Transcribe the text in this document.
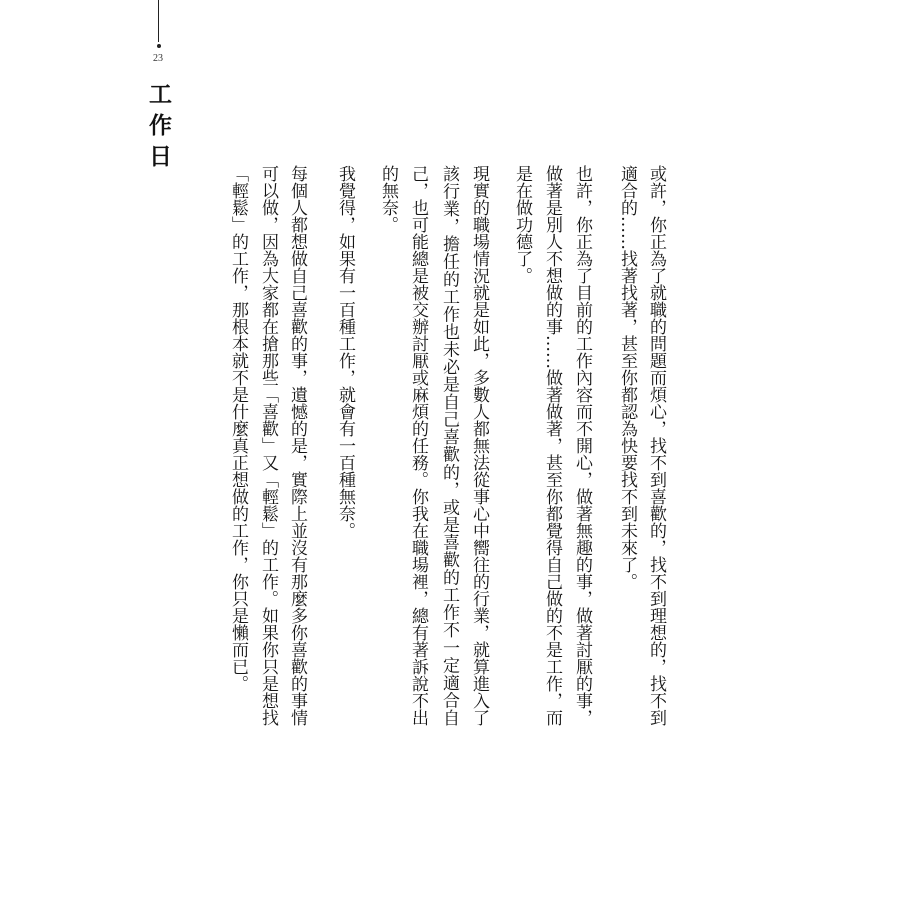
23
工作日
或許，你正為了就職的問題而煩心，找不到喜歡的，找不到理想的，找不到
適合的……找著找著，甚至你都認為快要找不到未來了。
也許，你正為了目前的工作內容而不開心，做著無趣的事，做著討厭的事，
做著是別人不想做的事……做著做著，甚至你都覺得自己做的不是工作，而
是在做功德了。
現實的職場情況就是如此，多數人都無法從事心中嚮往的行業，就算進入了
該行業，擔任的工作也未必是自己喜歡的，或是喜歡的工作不一定適合自
己，也可能總是被交辦討厭或麻煩的任務。你我在職場裡，總有著訴說不出
的無奈。
我覺得，如果有一百種工作，就會有一百種無奈。
每個人都想做自己喜歡的事，遺憾的是，實際上並沒有那麼多你喜歡的事情
可以做，因為大家都在搶那些「喜歡」又「輕鬆」的工作。如果你只是想找
「輕鬆」的工作，那根本就不是什麼真正想做的工作，你只是懶而已。
